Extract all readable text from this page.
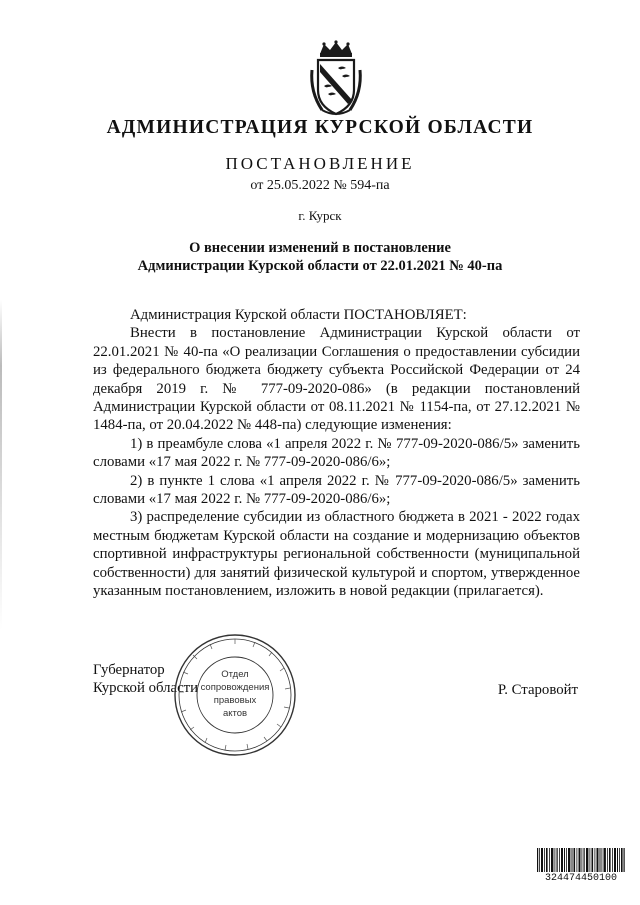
АДМИНИСТРАЦИЯ КУРСКОЙ ОБЛАСТИ
ПОСТАНОВЛЕНИЕ
от 25.05.2022 № 594-па
г. Курск
О внесении изменений в постановление
Администрации Курской области от 22.01.2021 № 40-па

Администрация Курской области ПОСТАНОВЛЯЕТ:

Внести в постановление Администрации Курской области от 22.01.2021 № 40-па «О реализации Соглашения о предоставлении субсидии из федерального бюджета бюджету субъекта Российской Федерации от 24 декабря 2019 г. № 777-09-2020-086» (в редакции постановлений Администрации Курской области от 08.11.2021 № 1154-па, от 27.12.2021 № 1484-па, от 20.04.2022 № 448-па) следующие изменения:

1) в преамбуле слова «1 апреля 2022 г. № 777-09-2020-086/5» заменить словами «17 мая 2022 г. № 777-09-2020-086/6»;

2) в пункте 1 слова «1 апреля 2022 г. № 777-09-2020-086/5» заменить словами «17 мая 2022 г. № 777-09-2020-086/6»;

3) распределение субсидии из областного бюджета в 2021 - 2022 годах местным бюджетам Курской области на создание и модернизацию объектов спортивной инфраструктуры региональной собственности (муниципальной собственности) для занятий физической культурой и спортом, утвержденное указанным постановлением, изложить в новой редакции (прилагается).

Губернатор
Курской области
Отдел
сопровождения
правовых
актов
Р. Старовойт
324474450100
